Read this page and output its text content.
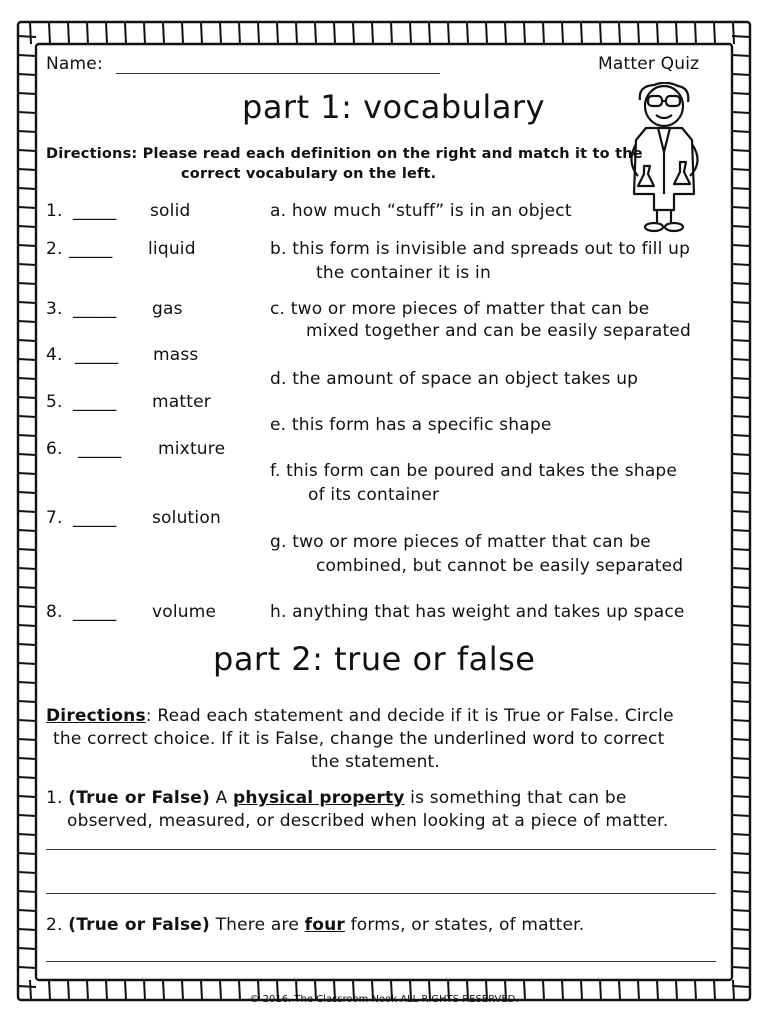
Name:	Matter Quiz
part 1: vocabulary
Directions: Please read each definition on the right and match it to the
correct vocabulary on the left.
1. _____ solid
2. _____ liquid
3. _____ gas
4. _____ mass
5. _____ matter
6. _____ mixture
7. _____ solution
8. _____ volume
a. how much “stuff” is in an object
b. this form is invisible and spreads out to fill up
the container it is in
c. two or more pieces of matter that can be
mixed together and can be easily separated
d. the amount of space an object takes up
e. this form has a specific shape
f. this form can be poured and takes the shape
of its container
g. two or more pieces of matter that can be
combined, but cannot be easily separated
h. anything that has weight and takes up space
part 2: true or false
Directions: Read each statement and decide if it is True or False. Circle
the correct choice. If it is False, change the underlined word to correct
the statement.
1. (True or False) A physical property is something that can be
observed, measured, or described when looking at a piece of matter.
2. (True or False) There are four forms, or states, of matter.
© 2016. The Classroom Nook ALL RIGHTS RESERVED.
